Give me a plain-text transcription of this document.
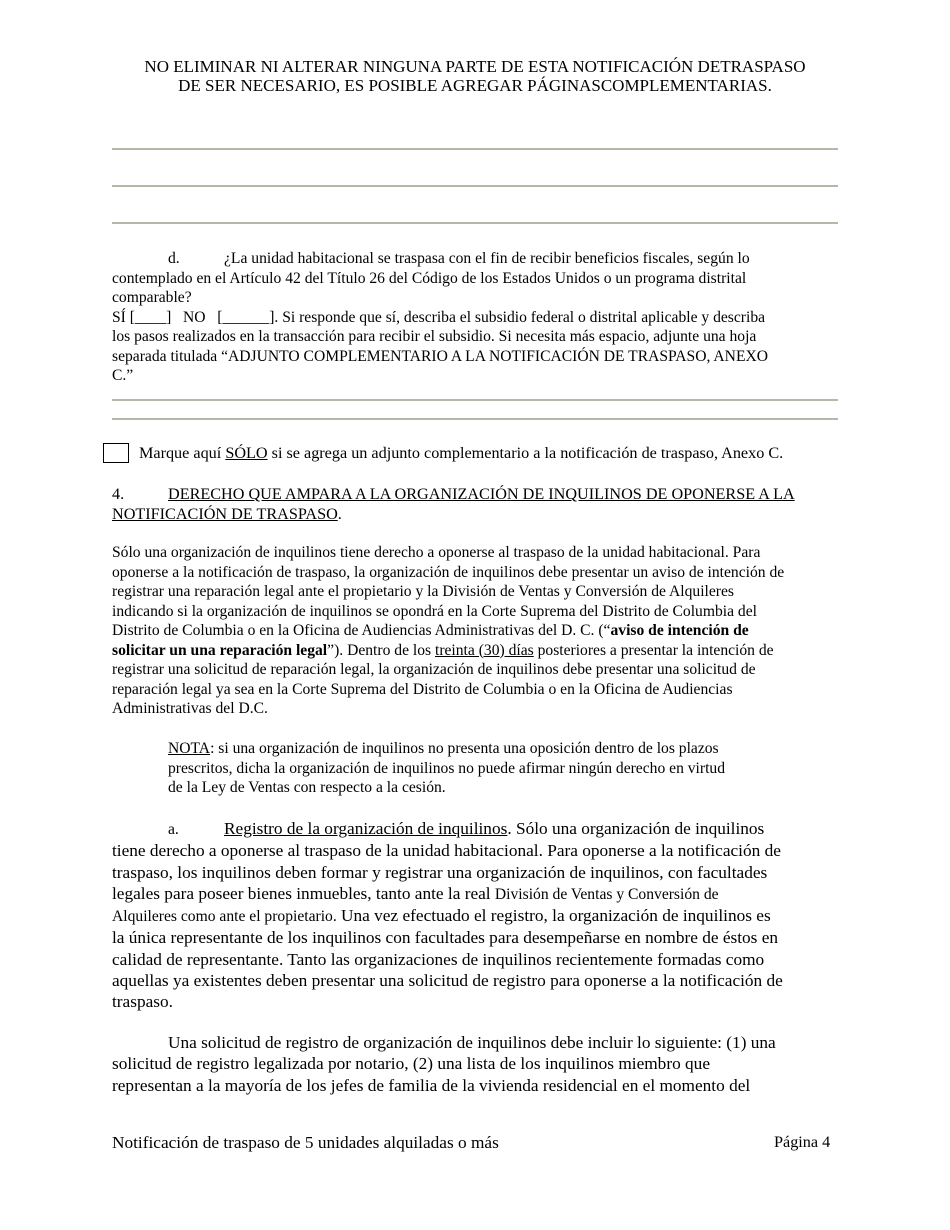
NO ELIMINAR NI ALTERAR NINGUNA PARTE DE ESTA NOTIFICACIÓN DETRASPASO
DE SER NECESARIO, ES POSIBLE AGREGAR PÁGINASCOMPLEMENTARIAS.
d.	¿La unidad habitacional se traspasa con el fin de recibir beneficios fiscales, según lo
contemplado en el Artículo 42 del Título 26 del Código de los Estados Unidos o un programa distrital
comparable?
SÍ [____]   NO   [______]. Si responde que sí, describa el subsidio federal o distrital aplicable y describa
los pasos realizados en la transacción para recibir el subsidio. Si necesita más espacio, adjunte una hoja
separada titulada “ADJUNTO COMPLEMENTARIO A LA NOTIFICACIÓN DE TRASPASO, ANEXO
C.”
Marque aquí SÓLO si se agrega un adjunto complementario a la notificación de traspaso, Anexo C.
4.	DERECHO QUE AMPARA A LA ORGANIZACIÓN DE INQUILINOS DE OPONERSE A LA
NOTIFICACIÓN DE TRASPASO.
Sólo una organización de inquilinos tiene derecho a oponerse al traspaso de la unidad habitacional. Para
oponerse a la notificación de traspaso, la organización de inquilinos debe presentar un aviso de intención de
registrar una reparación legal ante el propietario y la División de Ventas y Conversión de Alquileres
indicando si la organización de inquilinos se opondrá en la Corte Suprema del Distrito de Columbia del
Distrito de Columbia o en la Oficina de Audiencias Administrativas del D. C. (“aviso de intención de
solicitar un una reparación legal”). Dentro de los treinta (30) días posteriores a presentar la intención de
registrar una solicitud de reparación legal, la organización de inquilinos debe presentar una solicitud de
reparación legal ya sea en la Corte Suprema del Distrito de Columbia o en la Oficina de Audiencias
Administrativas del D.C.
NOTA: si una organización de inquilinos no presenta una oposición dentro de los plazos
prescritos, dicha la organización de inquilinos no puede afirmar ningún derecho en virtud
de la Ley de Ventas con respecto a la cesión.
a.	Registro de la organización de inquilinos. Sólo una organización de inquilinos
tiene derecho a oponerse al traspaso de la unidad habitacional. Para oponerse a la notificación de
traspaso, los inquilinos deben formar y registrar una organización de inquilinos, con facultades
legales para poseer bienes inmuebles, tanto ante la real División de Ventas y Conversión de
Alquileres como ante el propietario. Una vez efectuado el registro, la organización de inquilinos es
la única representante de los inquilinos con facultades para desempeñarse en nombre de éstos en
calidad de representante. Tanto las organizaciones de inquilinos recientemente formadas como
aquellas ya existentes deben presentar una solicitud de registro para oponerse a la notificación de
traspaso.
Una solicitud de registro de organización de inquilinos debe incluir lo siguiente: (1) una
solicitud de registro legalizada por notario, (2) una lista de los inquilinos miembro que
representan a la mayoría de los jefes de familia de la vivienda residencial en el momento del
Notificación de traspaso de 5 unidades alquiladas o más	Página 4
